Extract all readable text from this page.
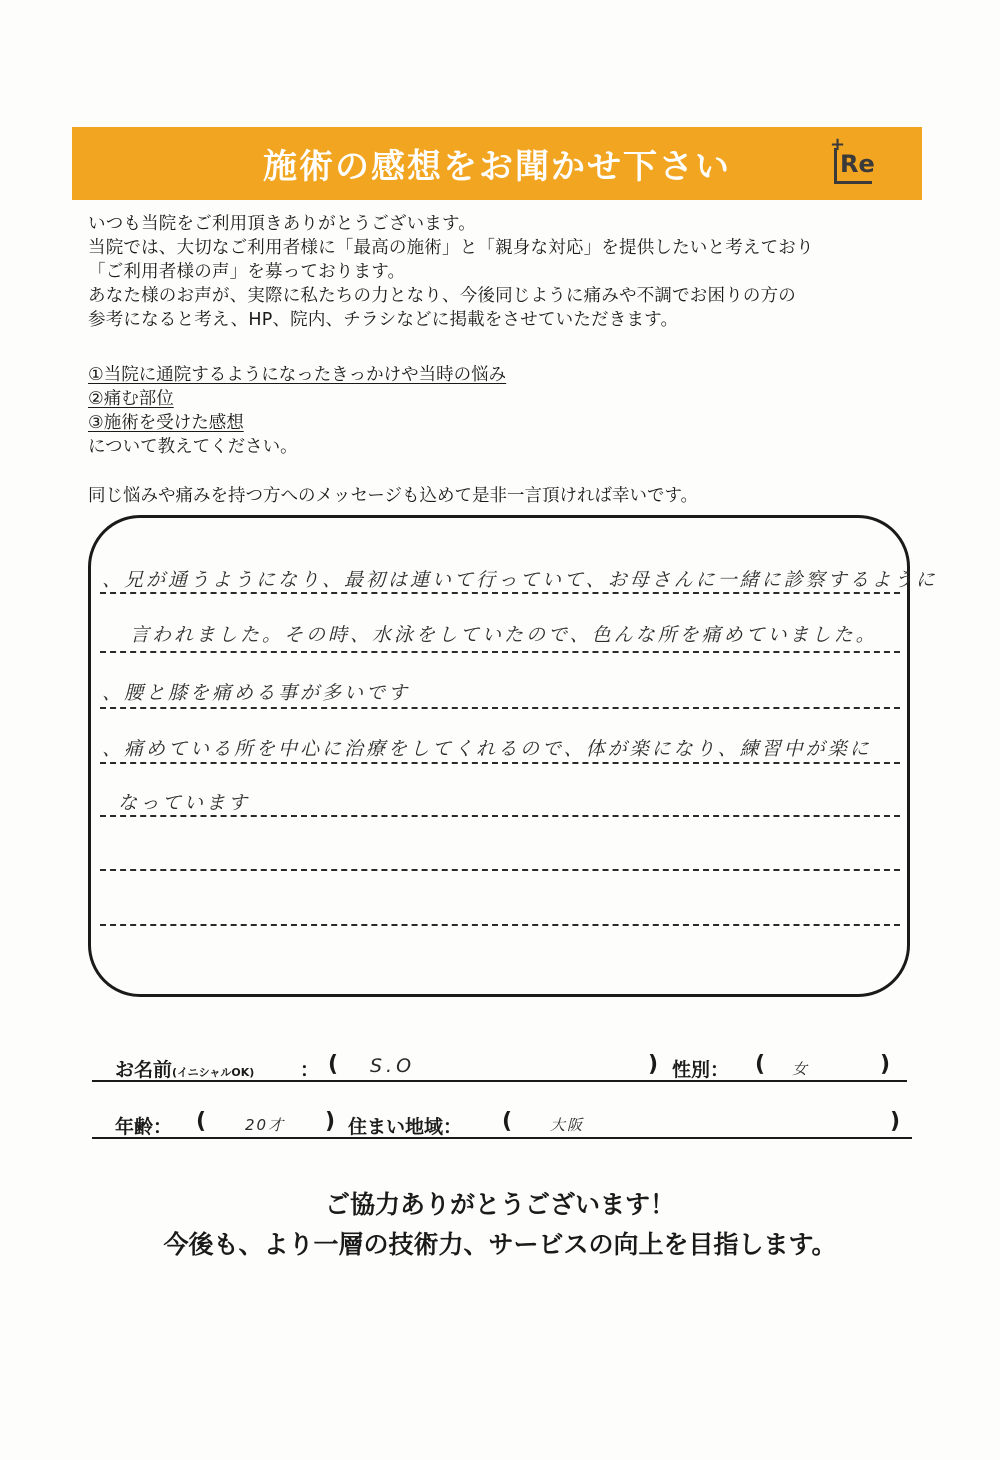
施術の感想をお聞かせ下さい
+
Re
いつも当院をご利用頂きありがとうございます。
当院では、大切なご利用者様に「最高の施術」と「親身な対応」を提供したいと考えており
「ご利用者様の声」を募っております。
あなた様のお声が、実際に私たちの力となり、今後同じように痛みや不調でお困りの方の
参考になると考え、HP、院内、チラシなどに掲載をさせていただきます。
①当院に通院するようになったきっかけや当時の悩み
②痛む部位
③施術を受けた感想
について教えてください。
同じ悩みや痛みを持つ方へのメッセージも込めて是非一言頂ければ幸いです。
、兄が通うようになり、最初は連いて行っていて、お母さんに一緒に診察するように
言われました。その時、水泳をしていたので、色んな所を痛めていました。
、腰と膝を痛める事が多いです
、痛めている所を中心に治療をしてくれるので、体が楽になり、練習中が楽に
なっています
お名前(イニシャルOK) ： ( S.O	) 性別： ( 女	)
年齢： (	20才 ) 住まい地域： (	大阪	)
ご協力ありがとうございます！
今後も、より一層の技術力、サービスの向上を目指します。
